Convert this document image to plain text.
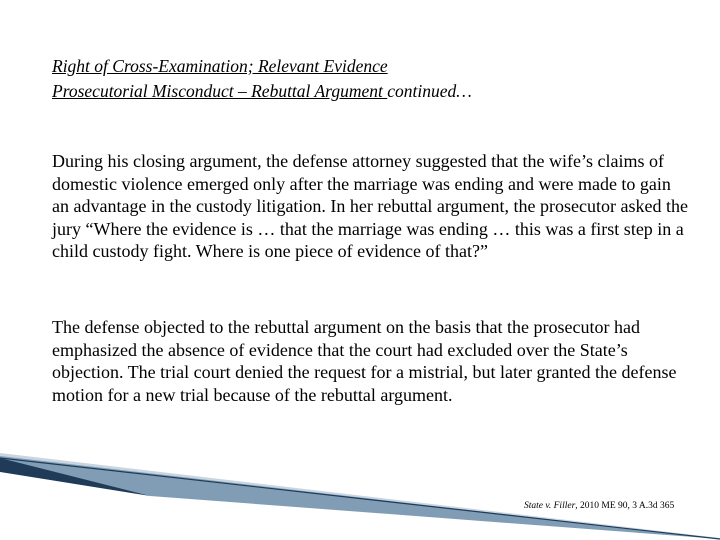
Right of Cross-Examination; Relevant Evidence
Prosecutorial Misconduct – Rebuttal Argument continued…

During his closing argument, the defense attorney suggested that the wife’s claims of domestic violence emerged only after the marriage was ending and were made to gain an advantage in the custody litigation. In her rebuttal argument, the prosecutor asked the jury “Where the evidence is … that the marriage was ending … this was a first step in a child custody fight. Where is one piece of evidence of that?”

The defense objected to the rebuttal argument on the basis that the prosecutor had emphasized the absence of evidence that the court had excluded over the State’s objection. The trial court denied the request for a mistrial, but later granted the defense motion for a new trial because of the rebuttal argument.

State v. Filler, 2010 ME 90, 3 A.3d 365
